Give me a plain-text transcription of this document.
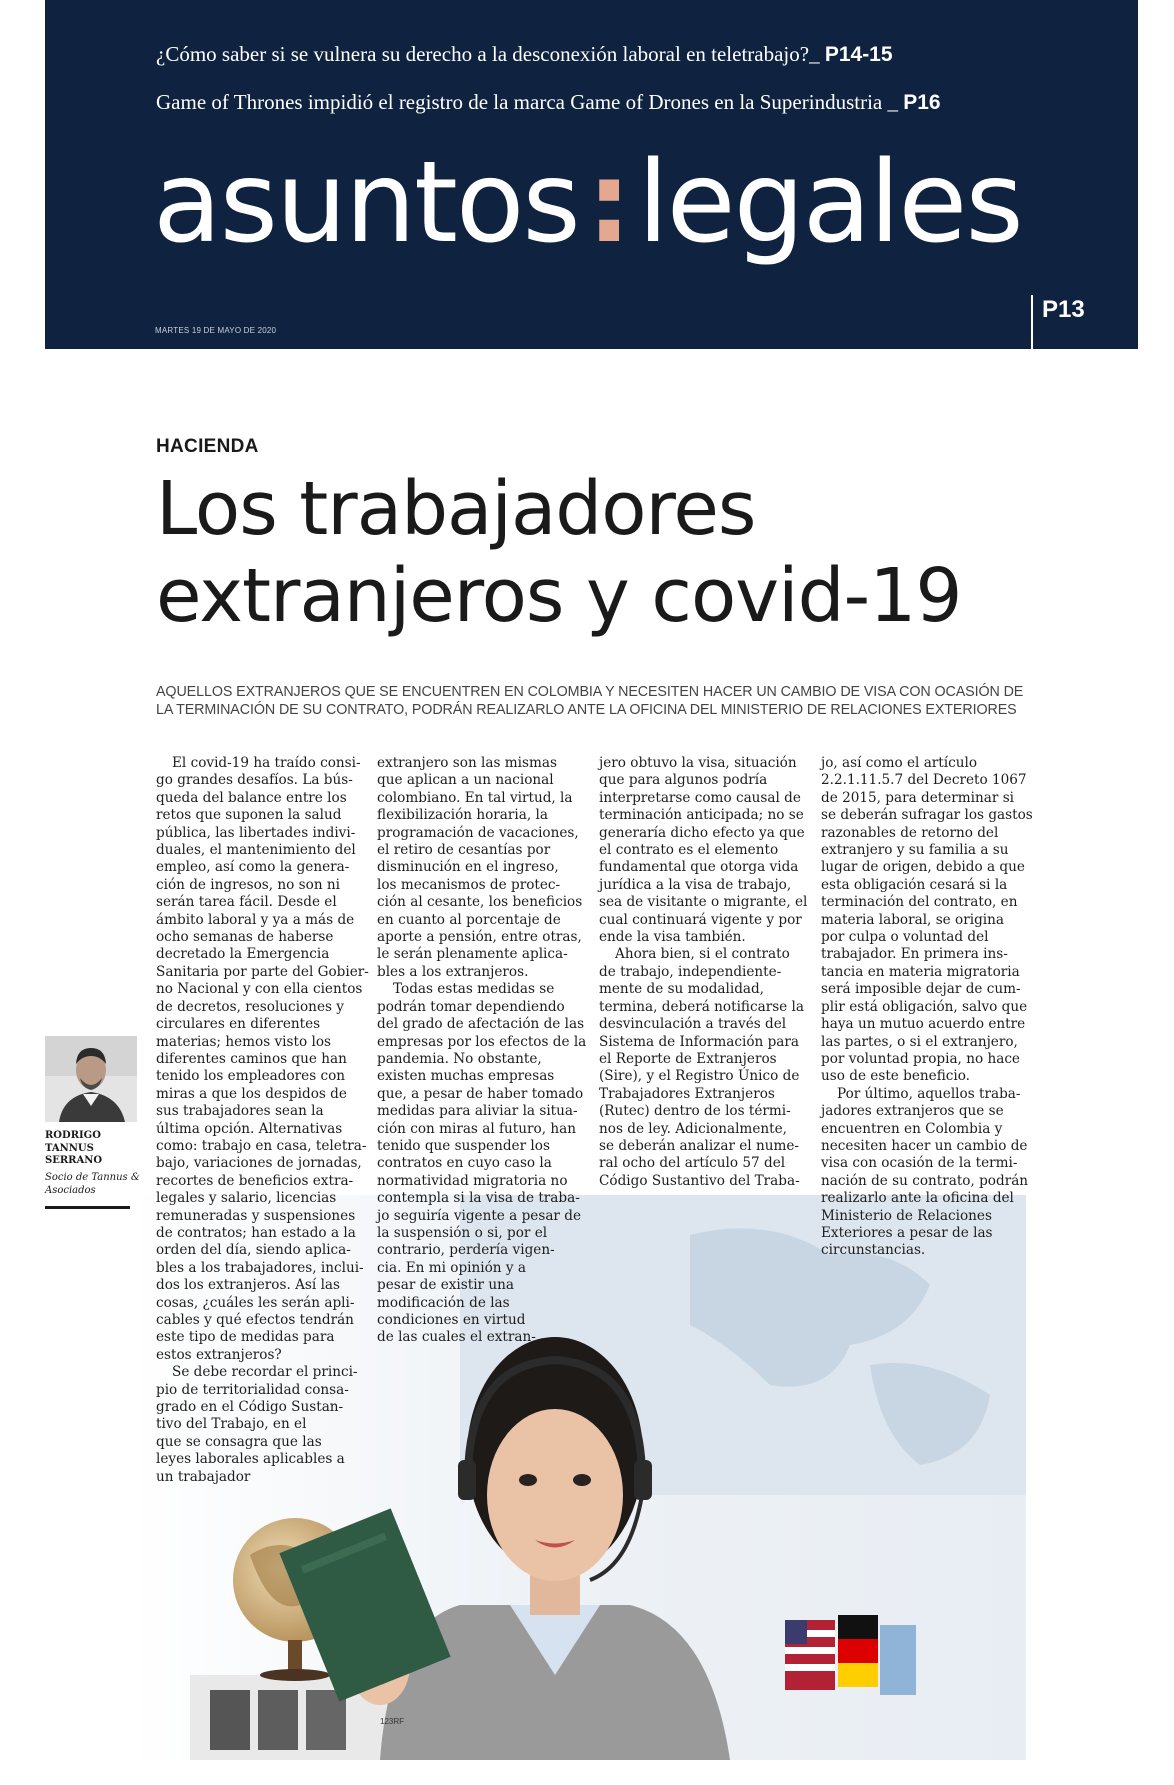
¿Cómo saber si se vulnera su derecho a la desconexión laboral en teletrabajo?_ P14-15
Game of Thrones impidió el registro de la marca Game of Drones en la Superindustria _ P16
asuntos:legales
MARTES 19 DE MAYO DE 2020
P13
HACIENDA
Los trabajadores
extranjeros y covid-19
AQUELLOS EXTRANJEROS QUE SE ENCUENTREN EN COLOMBIA Y NECESITEN HACER UN CAMBIO DE VISA CON OCASIÓN DE LA TERMINACIÓN DE SU CONTRATO, PODRÁN REALIZARLO ANTE LA OFICINA DEL MINISTERIO DE RELACIONES EXTERIORES
RODRIGO
TANNUS
SERRANO
Socio de Tannus & Asociados
123RF
El covid-19 ha traído consi-
go grandes desafíos. La bús-
queda del balance entre los
retos que suponen la salud
pública, las libertades indivi-
duales, el mantenimiento del
empleo, así como la genera-
ción de ingresos, no son ni
serán tarea fácil. Desde el
ámbito laboral y ya a más de
ocho semanas de haberse
decretado la Emergencia
Sanitaria por parte del Gobier-
no Nacional y con ella cientos
de decretos, resoluciones y
circulares en diferentes
materias; hemos visto los
diferentes caminos que han
tenido los empleadores con
miras a que los despidos de
sus trabajadores sean la
última opción. Alternativas
como: trabajo en casa, teletra-
bajo, variaciones de jornadas,
recortes de beneficios extra-
legales y salario, licencias
remuneradas y suspensiones
de contratos; han estado a la
orden del día, siendo aplica-
bles a los trabajadores, inclui-
dos los extranjeros. Así las
cosas, ¿cuáles les serán apli-
cables y qué efectos tendrán
este tipo de medidas para
estos extranjeros?
Se debe recordar el princi-
pio de territorialidad consa-
grado en el Código Sustan-
tivo del Trabajo, en el
que se consagra que las
leyes laborales aplicables a
un trabajador
extranjero son las mismas
que aplican a un nacional
colombiano. En tal virtud, la
flexibilización horaria, la
programación de vacaciones,
el retiro de cesantías por
disminución en el ingreso,
los mecanismos de protec-
ción al cesante, los beneficios
en cuanto al porcentaje de
aporte a pensión, entre otras,
le serán plenamente aplica-
bles a los extranjeros.
Todas estas medidas se
podrán tomar dependiendo
del grado de afectación de las
empresas por los efectos de la
pandemia. No obstante,
existen muchas empresas
que, a pesar de haber tomado
medidas para aliviar la situa-
ción con miras al futuro, han
tenido que suspender los
contratos en cuyo caso la
normatividad migratoria no
contempla si la visa de traba-
jo seguiría vigente a pesar de
la suspensión o si, por el
contrario, perdería vigen-
cia. En mi opinión y a
pesar de existir una
modificación de las
condiciones en virtud
de las cuales el extran-
jero obtuvo la visa, situación
que para algunos podría
interpretarse como causal de
terminación anticipada; no se
generaría dicho efecto ya que
el contrato es el elemento
fundamental que otorga vida
jurídica a la visa de trabajo,
sea de visitante o migrante, el
cual continuará vigente y por
ende la visa también.
Ahora bien, si el contrato
de trabajo, independiente-
mente de su modalidad,
termina, deberá notificarse la
desvinculación a través del
Sistema de Información para
el Reporte de Extranjeros
(Sire), y el Registro Único de
Trabajadores Extranjeros
(Rutec) dentro de los térmi-
nos de ley. Adicionalmente,
se deberán analizar el nume-
ral ocho del artículo 57 del
Código Sustantivo del Traba-
jo, así como el artículo
2.2.1.11.5.7 del Decreto 1067
de 2015, para determinar si
se deberán sufragar los gastos
razonables de retorno del
extranjero y su familia a su
lugar de origen, debido a que
esta obligación cesará si la
terminación del contrato, en
materia laboral, se origina
por culpa o voluntad del
trabajador. En primera ins-
tancia en materia migratoria
será imposible dejar de cum-
plir está obligación, salvo que
haya un mutuo acuerdo entre
las partes, o si el extranjero,
por voluntad propia, no hace
uso de este beneficio.
Por último, aquellos traba-
jadores extranjeros que se
encuentren en Colombia y
necesiten hacer un cambio de
visa con ocasión de la termi-
nación de su contrato, podrán
realizarlo ante la oficina del
Ministerio de Relaciones
Exteriores a pesar de las
circunstancias.
